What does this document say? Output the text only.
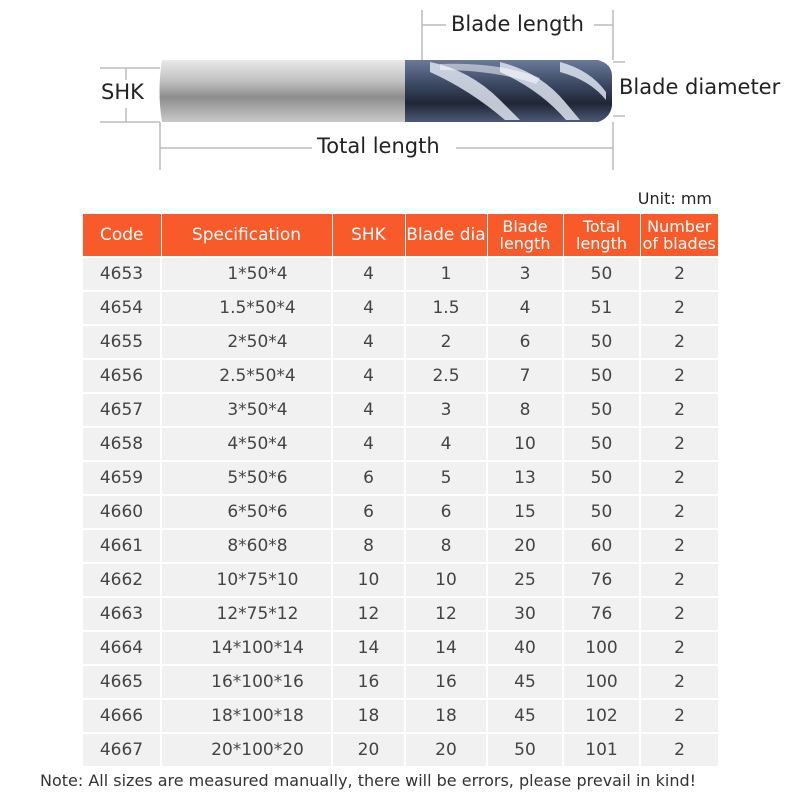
Blade length
SHK	Blade diameter
Total length
Unit: mm
Code	Specification	SHK	Blade dia	Blade length	Total length	Number of blades
4653	1*50*4	4	1	3	50	2
4654	1.5*50*4	4	1.5	4	51	2
4655	2*50*4	4	2	6	50	2
4656	2.5*50*4	4	2.5	7	50	2
4657	3*50*4	4	3	8	50	2
4658	4*50*4	4	4	10	50	2
4659	5*50*6	6	5	13	50	2
4660	6*50*6	6	6	15	50	2
4661	8*60*8	8	8	20	60	2
4662	10*75*10	10	10	25	76	2
4663	12*75*12	12	12	30	76	2
4664	14*100*14	14	14	40	100	2
4665	16*100*16	16	16	45	100	2
4666	18*100*18	18	18	45	102	2
4667	20*100*20	20	20	50	101	2
Note: All sizes are measured manually, there will be errors, please prevail in kind!
